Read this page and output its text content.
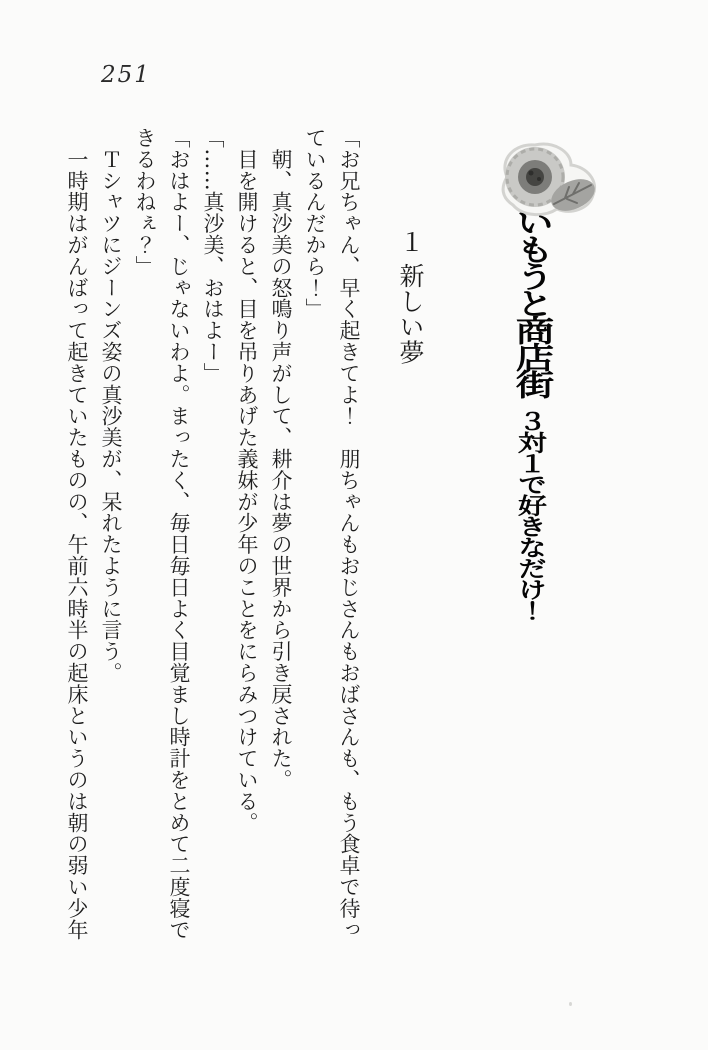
251
いもうと商店街３対１で好きなだけ！
１ 新しい夢

「お兄ちゃん、早く起きてよ！　朋ちゃんもおじさんもおばさんも、もう食卓で待っ

ているんだから！」

　朝、真沙美の怒鳴り声がして、耕介は夢の世界から引き戻された。

　目を開けると、目を吊りあげた義妹が少年のことをにらみつけている。

「……真沙美、おはよー」

「おはよー、じゃないわよ。まったく、毎日毎日よく目覚まし時計をとめて二度寝で

きるわねぇ？」

　Ｔシャツにジーンズ姿の真沙美が、呆れたように言う。

　一時期はがんばって起きていたものの、午前六時半の起床というのは朝の弱い少年
